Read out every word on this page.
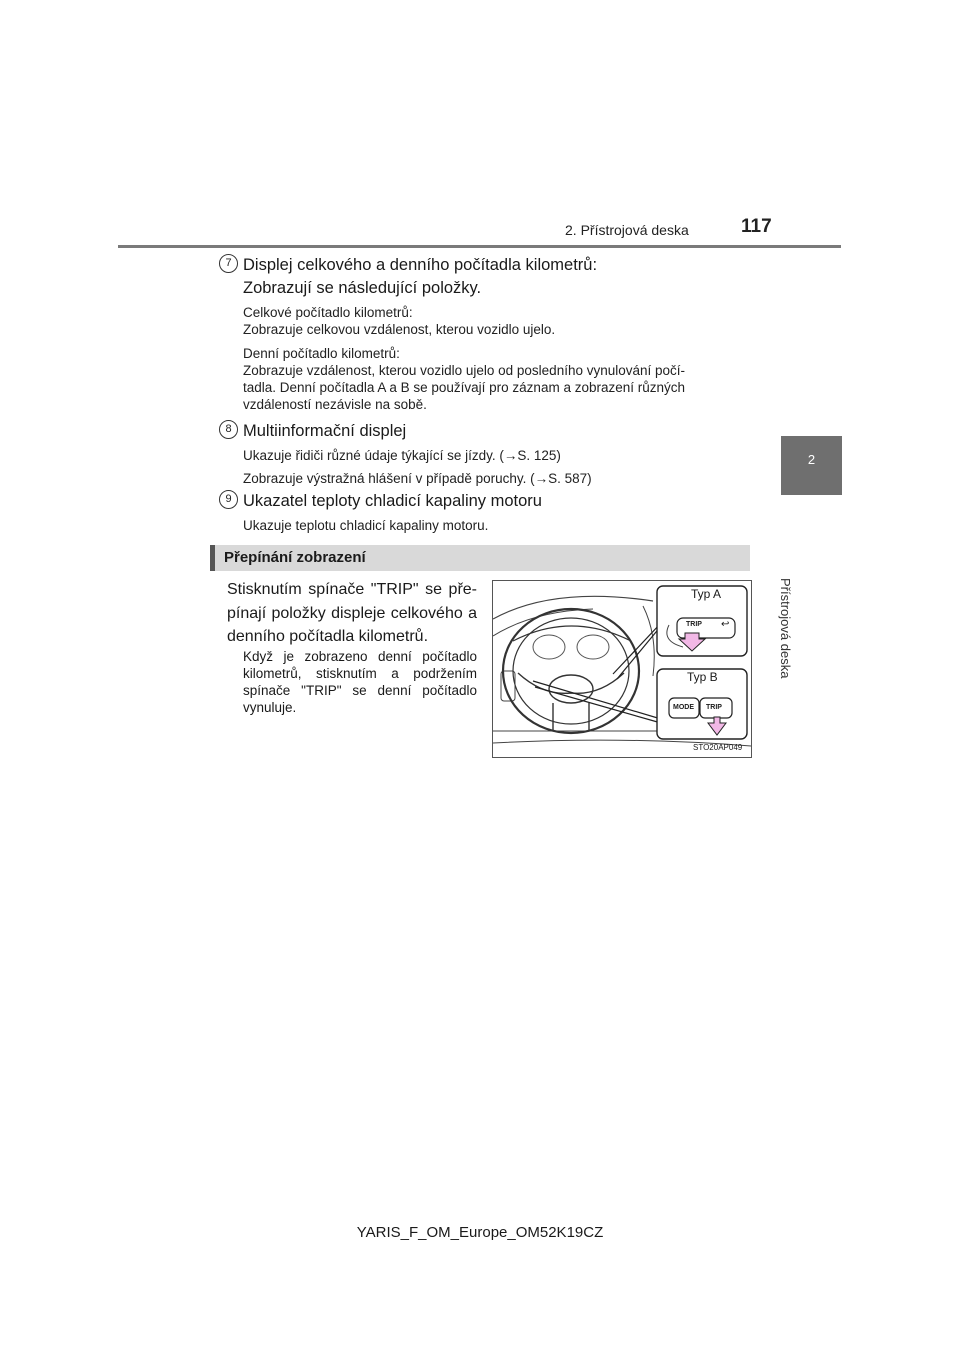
2. Přístrojová deska	117
2
Přístrojová deska
7 Displej celkového a denního počítadla kilometrů:
Zobrazují se následující položky.
Celkové počítadlo kilometrů:
Zobrazuje celkovou vzdálenost, kterou vozidlo ujelo.
Denní počítadlo kilometrů:
Zobrazuje vzdálenost, kterou vozidlo ujelo od posledního vynulování počí-
tadla. Denní počítadla A a B se používají pro záznam a zobrazení různých
vzdáleností nezávisle na sobě.
8 Multiinformační displej
Ukazuje řidiči různé údaje týkající se jízdy. (→S. 125)
Zobrazuje výstražná hlášení v případě poruchy. (→S. 587)
9 Ukazatel teploty chladicí kapaliny motoru
Ukazuje teplotu chladicí kapaliny motoru.
Přepínání zobrazení
Stisknutím spínače "TRIP" se pře-pínají položky displeje celkového a denního počítadla kilometrů.
Když je zobrazeno denní počítadlo kilometrů, stisknutím a podržením spínače "TRIP" se denní počítadlo vynuluje.
Typ A
TRIP ↩
Typ B
MODE TRIP
STO20AP049
YARIS_F_OM_Europe_OM52K19CZ
